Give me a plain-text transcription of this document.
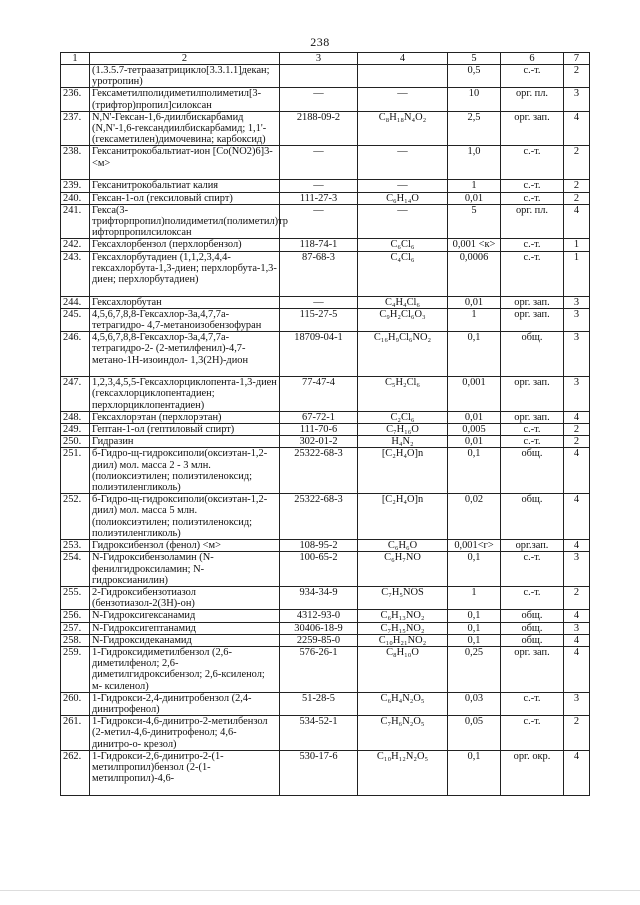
238
1	2	3	4	5	6	7
	(1.3.5.7-тетраазатрицикло[3.3.1.1]декан; уротропин)			0,5	с.-т.	2
236.	Гексаметилполидиметилполиметил[3-(трифтор)пропил]силоксан	—	—	10	орг. пл.	3
237.	N,N'-Гексан-1,6-диилбискарбамид (N,N'-1,6-гександиилбискарбамид; 1,1'-(гексаметилен)димочевина; карбоксид)	2188-09-2	C₈H₁₈N₄O₂	2,5	орг. зап.	4
238.	Гексанитрокобальтиат-ион [Co(NO2)6]3- <м>	—	—	1,0	с.-т.	2
239.	Гексанитрокобальтиат калия	—	—	1	с.-т.	2
240.	Гексан-1-ол (гексиловый спирт)	111-27-3	C₆H₁₄O	0,01	с.-т.	2
241.	Гекса(3-трифторпропил)полидиметил(полиметил)тр ифторпропилсилоксан	—	—	5	орг. пл.	4
242.	Гексахлорбензол (перхлорбензол)	118-74-1	C₆Cl₆	0,001 <к>	с.-т.	1
243.	Гексахлорбутадиен (1,1,2,3,4,4-гексахлорбута-1,3-диен; перхлорбута-1,3-диен; перхлорбутадиен)	87-68-3	C₄Cl₆	0,0006	с.-т.	1
244.	Гексахлорбутан	—	C₄H₄Cl₆	0,01	орг. зап.	3
245.	4,5,6,7,8,8-Гексахлор-3а,4,7,7а-тетрагидро- 4,7-метаноизобензофуран	115-27-5	C₉H₂Cl₆O₃	1	орг. зап.	3
246.	4,5,6,7,8,8-Гексахлор-3а,4,7,7а-тетрагидро-2- (2-метилфенил)-4,7-метано-1Н-изоиндол- 1,3(2Н)-дион	18709-04-1	C₁₆H₉Cl₆NO₂	0,1	общ.	3
247.	1,2,3,4,5,5-Гексахлорциклопента-1,3-диен (гексахлорциклопентадиен; перхлорциклопентадиен)	77-47-4	C₅H₂Cl₆	0,001	орг. зап.	3
248.	Гексахлорэтан (перхлорэтан)	67-72-1	C₂Cl₆	0,01	орг. зап.	4
249.	Гептан-1-ол (гептиловый спирт)	111-70-6	C₇H₁₆O	0,005	с.-т.	2
250.	Гидразин	302-01-2	H₄N₂	0,01	с.-т.	2
251.	б-Гидро-щ-гидроксиполи(оксиэтан-1,2-диил) мол. масса 2 - 3 млн. (полиоксиэтилен; полиэтиленоксид; полиэтиленгликоль)	25322-68-3	[C₂H₄O]n	0,1	общ.	4
252.	б-Гидро-щ-гидроксиполи(оксиэтан-1,2-диил) мол. масса 5 млн. (полиоксиэтилен; полиэтиленоксид; полиэтиленгликоль)	25322-68-3	[C₂H₄O]n	0,02	общ.	4
253.	Гидроксибензол (фенол) <м>	108-95-2	C₆H₆O	0,001<г>	орг.зап.	4
254.	N-Гидроксибензоламин (N-фенилгидроксиламин; N-гидроксианилин)	100-65-2	C₆H₇NO	0,1	с.-т.	3
255.	2-Гидроксибензотиазол (бензотиазол-2(3Н)-он)	934-34-9	C₇H₅NOS	1	с.-т.	2
256.	N-Гидроксигексанамид	4312-93-0	C₆H₁₃NO₂	0,1	общ.	4
257.	N-Гидроксигептанамид	30406-18-9	C₇H₁₅NO₂	0,1	общ.	3
258.	N-Гидроксидеканамид	2259-85-0	C₁₀H₂₁NO₂	0,1	общ.	4
259.	1-Гидроксидиметилбензол (2,6-диметилфенол; 2,6-диметилгидроксибензол; 2,6-ксиленол; м- ксиленол)	576-26-1	C₈H₁₀O	0,25	орг. зап.	4
260.	1-Гидрокси-2,4-динитробензол (2,4-динитрофенол)	51-28-5	C₆H₄N₂O₅	0,03	с.-т.	3
261.	1-Гидрокси-4,6-динитро-2-метилбензол (2-метил-4,6-динитрофенол; 4,6-динитро-о- крезол)	534-52-1	C₇H₆N₂O₅	0,05	с.-т.	2
262.	1-Гидрокси-2,6-динитро-2-(1-метилпропил)бензол (2-(1-метилпропил)-4,6-	530-17-6	C₁₀H₁₂N₂O₅	0,1	орг. окр.	4
